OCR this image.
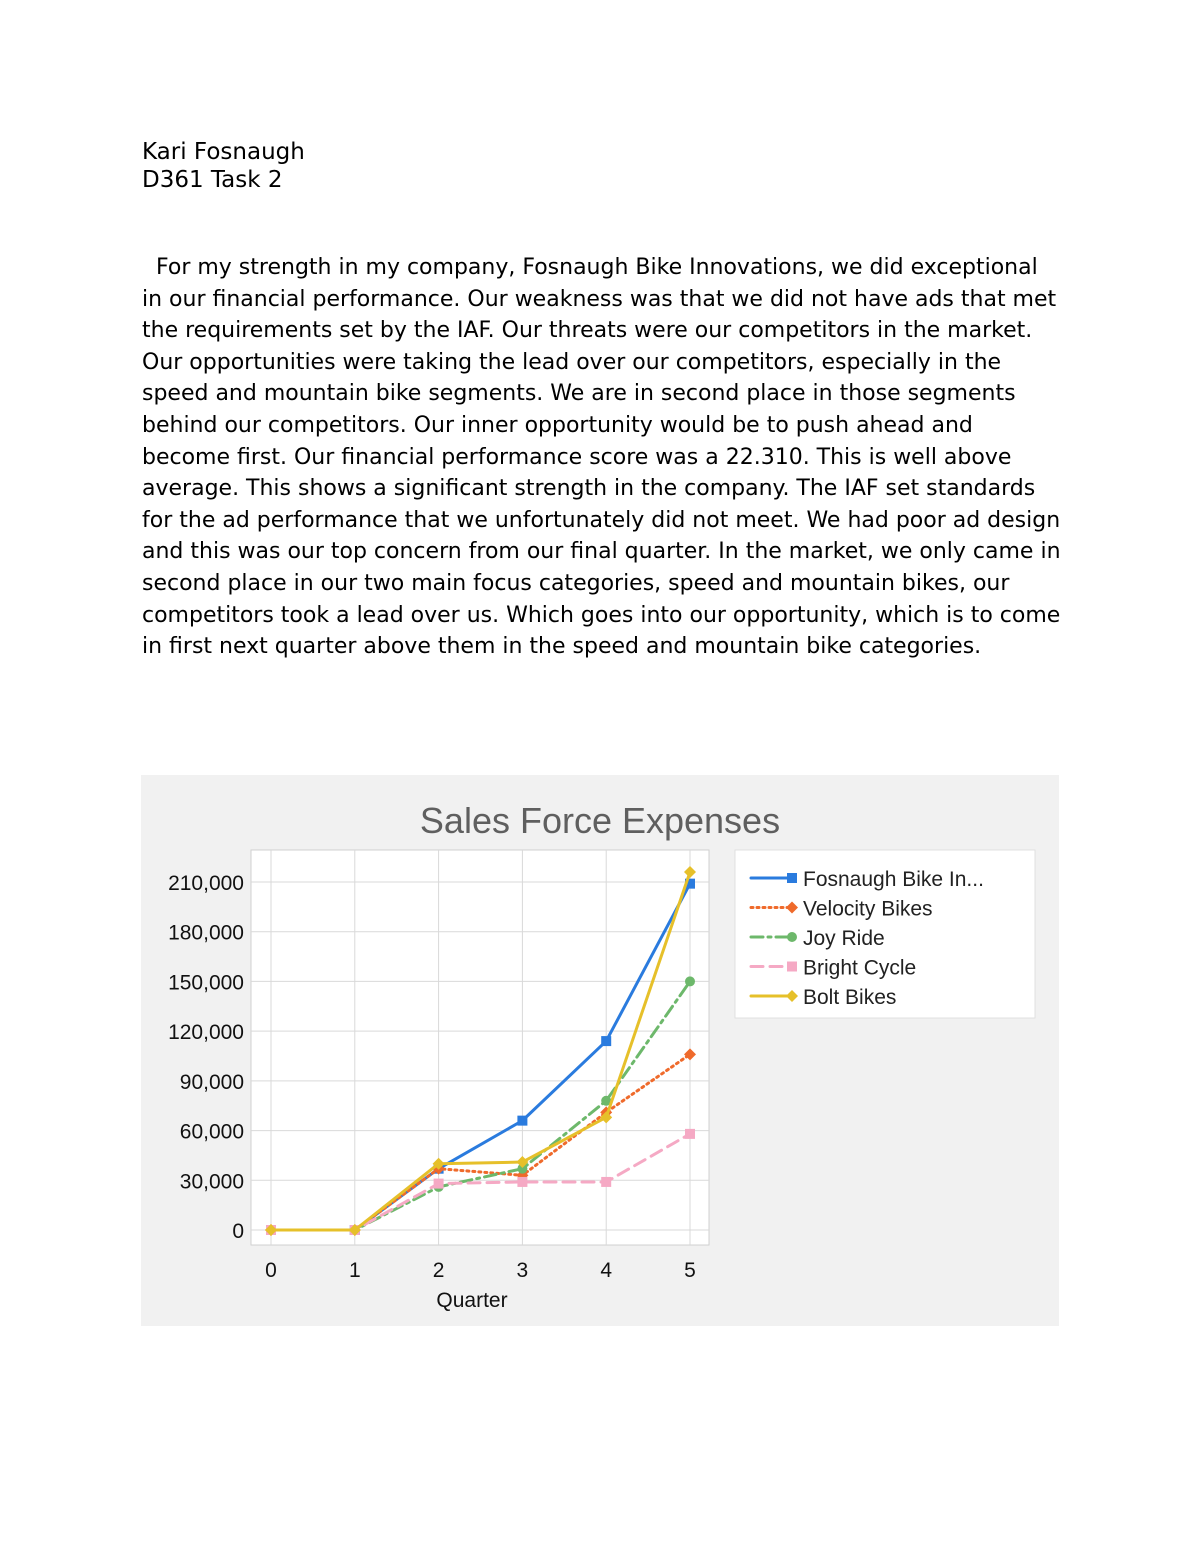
Kari Fosnaugh
D361 Task 2

For my strength in my company, Fosnaugh Bike Innovations, we did exceptional in our financial performance. Our weakness was that we did not have ads that met the requirements set by the IAF. Our threats were our competitors in the market. Our opportunities were taking the lead over our competitors, especially in the speed and mountain bike segments. We are in second place in those segments behind our competitors. Our inner opportunity would be to push ahead and become first. Our financial performance score was a 22.310. This is well above average. This shows a significant strength in the company. The IAF set standards for the ad performance that we unfortunately did not meet. We had poor ad design and this was our top concern from our final quarter. In the market, we only came in second place in our two main focus categories, speed and mountain bikes, our competitors took a lead over us. Which goes into our opportunity, which is to come in first next quarter above them in the speed and mountain bike categories.

Sales Force Expenses
0
30,000
60,000
90,000
120,000
150,000
180,000
210,000
0	1	2	3	4	5
Quarter
Fosnaugh Bike In...
Velocity Bikes
Joy Ride
Bright Cycle
Bolt Bikes
